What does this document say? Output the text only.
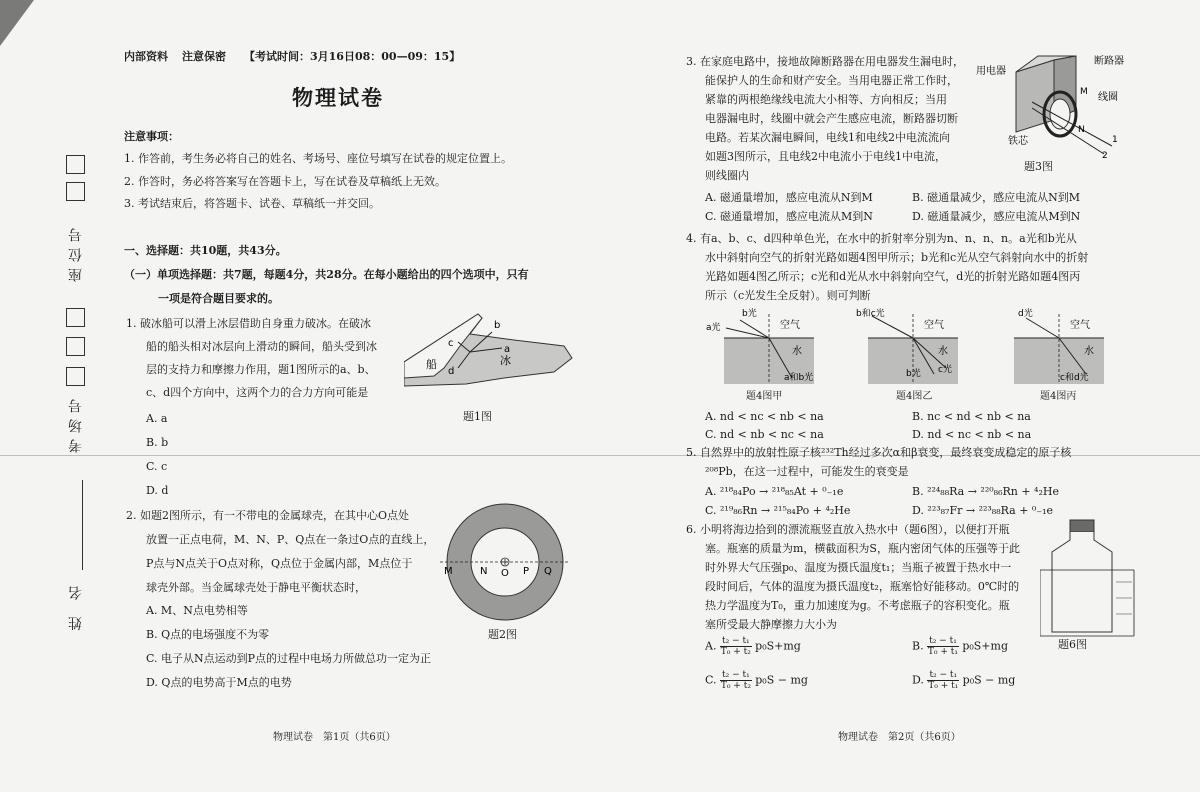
座位号
考场号
姓 名
内部资料 注意保密 【考试时间：3月16日08：00—09：15】
物理试卷
注意事项：
1. 作答前，考生务必将自己的姓名、考场号、座位号填写在试卷的规定位置上。
2. 作答时，务必将答案写在答题卡上，写在试卷及草稿纸上无效。
3. 考试结束后，将答题卡、试卷、草稿纸一并交回。
一、选择题：共10题，共43分。
（一）单项选择题：共7题，每题4分，共28分。在每小题给出的四个选项中，只有
一项是符合题目要求的。
1. 破冰船可以滑上冰层借助自身重力破冰。在破冰
船的船头相对冰层向上滑动的瞬间，船头受到冰
层的支持力和摩擦力作用，题1图所示的a、b、
c、d四个方向中，这两个力的合力方向可能是
A. a
B. b
C. c
D. d
b
a
c
d
船	冰
题1图
2. 如题2图所示，有一不带电的金属球壳，在其中心O点处
放置一正点电荷，M、N、P、Q点在一条过O点的直线上，
P点与N点关于O点对称，Q点位于金属内部，M点位于
球壳外部。当金属球壳处于静电平衡状态时，
A. M、N点电势相等
B. Q点的电场强度不为零
C. 电子从N点运动到P点的过程中电场力所做总功一定为正
D. Q点的电势高于M点的电势
M	N O P Q
题2图
物理试卷　第1页（共6页）
3. 在家庭电路中，接地故障断路器在用电器发生漏电时，
能保护人的生命和财产安全。当用电器正常工作时，
紧靠的两根绝缘线电流大小相等、方向相反；当用
电器漏电时，线圈中就会产生感应电流，断路器切断
电路。若某次漏电瞬间，电线1和电线2中电流流向
如题3图所示，且电线2中电流小于电线1中电流，
则线圈内
A. 磁通量增加，感应电流从N到M	B. 磁通量减少，感应电流从N到M
C. 磁通量增加，感应电流从M到N	D. 磁通量减少，感应电流从M到N
用电器
断路器
线圈
铁芯
M
N
1
2
题3图
4. 有a、b、c、d四种单色光，在水中的折射率分别为n、n、n、n。a光和b光从
水中斜射向空气的折射光路如题4图甲所示；b光和c光从空气斜射向水中的折射
光路如题4图乙所示；c光和d光从水中斜射向空气，d光的折射光路如题4图丙
所示（c光发生全反射）。则可判断
b光
a光	空气
水
a和b光
题4图甲
b和c光
空气
水
b光 c光
题4图乙
d光
空气
水
c和d光
题4图丙
A. nd < nc < nb < na	B. nc < nd < nb < na
C. nd < nb < nc < na	D. nd < nc < nb < na
5. 自然界中的放射性原子核²³²Th经过多次α和β衰变，最终衰变成稳定的原子核
²⁰⁸Pb，在这一过程中，可能发生的衰变是
A. ²¹⁸₈₄Po → ²¹⁸₈₅At + ⁰₋₁e	B. ²²⁴₈₈Ra → ²²⁰₈₆Rn + ⁴₂He
C. ²¹⁹₈₆Rn → ²¹⁵₈₄Po + ⁴₂He	D. ²²³₈₇Fr → ²²³₈₈Ra + ⁰₋₁e
6. 小明将海边拾到的漂流瓶竖直放入热水中（题6图），以便打开瓶
塞。瓶塞的质量为m，横截面积为S，瓶内密闭气体的压强等于此
时外界大气压强p₀、温度为摄氏温度t₁；当瓶子被置于热水中一
段时间后，气体的温度为摄氏温度t₂，瓶塞恰好能移动。0℃时的
热力学温度为T₀，重力加速度为g。不考虑瓶子的容积变化。瓶
塞所受最大静摩擦力大小为
A. $\frac{\text{t₂ − t₁}}{\text{T₀ + t₂}} p_0S+mg$	B. $\frac{\text{t₂ − t₁}}{\text{T₀ + t₁}} p_0S+mg$
C. $\frac{\text{t₂ − t₁}}{\text{T₀ + t₂}} p_0S$ − mg	D. $\frac{\text{t₂ − t₁}}{\text{T₀ + t₁}} p_0S$ − mg
题6图
物理试卷　第2页（共6页）
